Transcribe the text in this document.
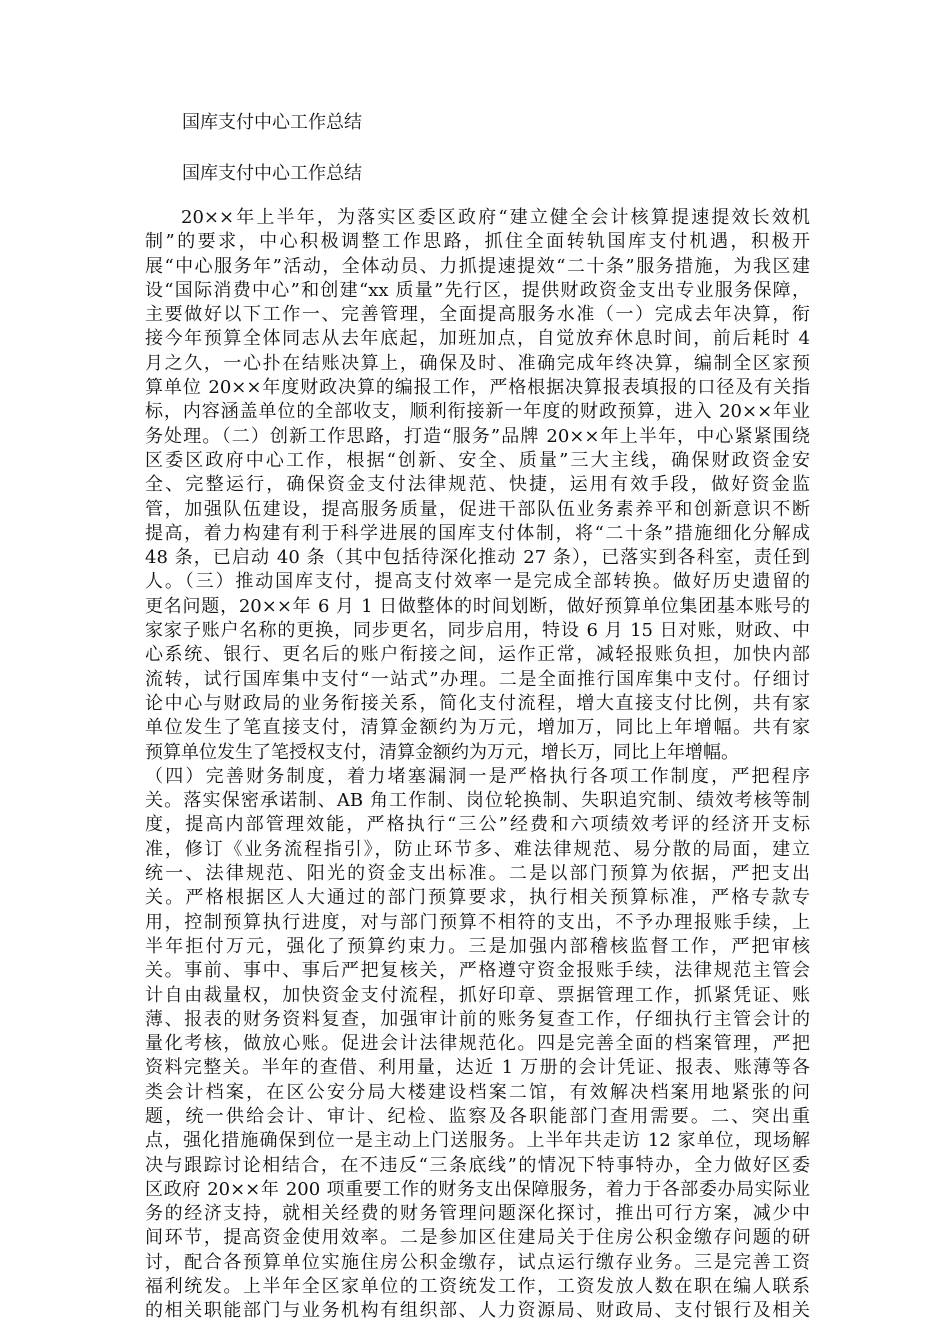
国库支付中心工作总结
国库支付中心工作总结
20××年上半年，为落实区委区政府“建立健全会计核算提速提效长效机
制”的要求，中心积极调整工作思路，抓住全面转轨国库支付机遇，积极开
展“中心服务年”活动，全体动员、力抓提速提效“二十条”服务措施，为我区建
设“国际消费中心”和创建“xx 质量”先行区，提供财政资金支出专业服务保障，
主要做好以下工作一、完善管理，全面提高服务水准（一）完成去年决算，衔
接今年预算全体同志从去年底起，加班加点，自觉放弃休息时间，前后耗时 4
月之久，一心扑在结账决算上，确保及时、准确完成年终决算，编制全区家预
算单位 20××年度财政决算的编报工作，严格根据决算报表填报的口径及有关指
标，内容涵盖单位的全部收支，顺利衔接新一年度的财政预算，进入 20××年业
务处理。（二）创新工作思路，打造“服务”品牌 20××年上半年，中心紧紧围绕
区委区政府中心工作，根据“创新、安全、质量”三大主线，确保财政资金安
全、完整运行，确保资金支付法律规范、快捷，运用有效手段，做好资金监
管，加强队伍建设，提高服务质量，促进干部队伍业务素养平和创新意识不断
提高，着力构建有利于科学进展的国库支付体制，将“二十条”措施细化分解成
48 条，已启动 40 条（其中包括待深化推动 27 条），已落实到各科室，责任到
人。（三）推动国库支付，提高支付效率一是完成全部转换。做好历史遗留的
更名问题，20××年 6 月 1 日做整体的时间划断，做好预算单位集团基本账号的
家家子账户名称的更换，同步更名，同步启用，特设 6 月 15 日对账，财政、中
心系统、银行、更名后的账户衔接之间，运作正常，减轻报账负担，加快内部
流转，试行国库集中支付“一站式”办理。二是全面推行国库集中支付。仔细讨
论中心与财政局的业务衔接关系，简化支付流程，增大直接支付比例，共有家
单位发生了笔直接支付，清算金额约为万元，增加万，同比上年增幅。共有家
预算单位发生了笔授权支付，清算金额约为万元，增长万，同比上年增幅。
（四）完善财务制度，着力堵塞漏洞一是严格执行各项工作制度，严把程序
关。落实保密承诺制、AB 角工作制、岗位轮换制、失职追究制、绩效考核等制
度，提高内部管理效能，严格执行“三公”经费和六项绩效考评的经济开支标
准，修订《业务流程指引》，防止环节多、难法律规范、易分散的局面，建立
统一、法律规范、阳光的资金支出标准。二是以部门预算为依据，严把支出
关。严格根据区人大通过的部门预算要求，执行相关预算标准，严格专款专
用，控制预算执行进度，对与部门预算不相符的支出，不予办理报账手续，上
半年拒付万元，强化了预算约束力。三是加强内部稽核监督工作，严把审核
关。事前、事中、事后严把复核关，严格遵守资金报账手续，法律规范主管会
计自由裁量权，加快资金支付流程，抓好印章、票据管理工作，抓紧凭证、账
薄、报表的财务资料复查，加强审计前的账务复查工作，仔细执行主管会计的
量化考核，做放心账。促进会计法律规范化。四是完善全面的档案管理，严把
资料完整关。半年的查借、利用量，达近 1 万册的会计凭证、报表、账薄等各
类会计档案，在区公安分局大楼建设档案二馆，有效解决档案用地紧张的问
题，统一供给会计、审计、纪检、监察及各职能部门查用需要。二、突出重
点，强化措施确保到位一是主动上门送服务。上半年共走访 12 家单位，现场解
决与跟踪讨论相结合，在不违反“三条底线”的情况下特事特办，全力做好区委
区政府 20××年 200 项重要工作的财务支出保障服务，着力于各部委办局实际业
务的经济支持，就相关经费的财务管理问题深化探讨，推出可行方案，减少中
间环节，提高资金使用效率。二是参加区住建局关于住房公积金缴存问题的研
讨，配合各预算单位实施住房公积金缴存，试点运行缴存业务。三是完善工资
福利统发。上半年全区家单位的工资统发工作，工资发放人数在职在编人联系
的相关职能部门与业务机构有组织部、人力资源局、财政局、支付银行及相关
